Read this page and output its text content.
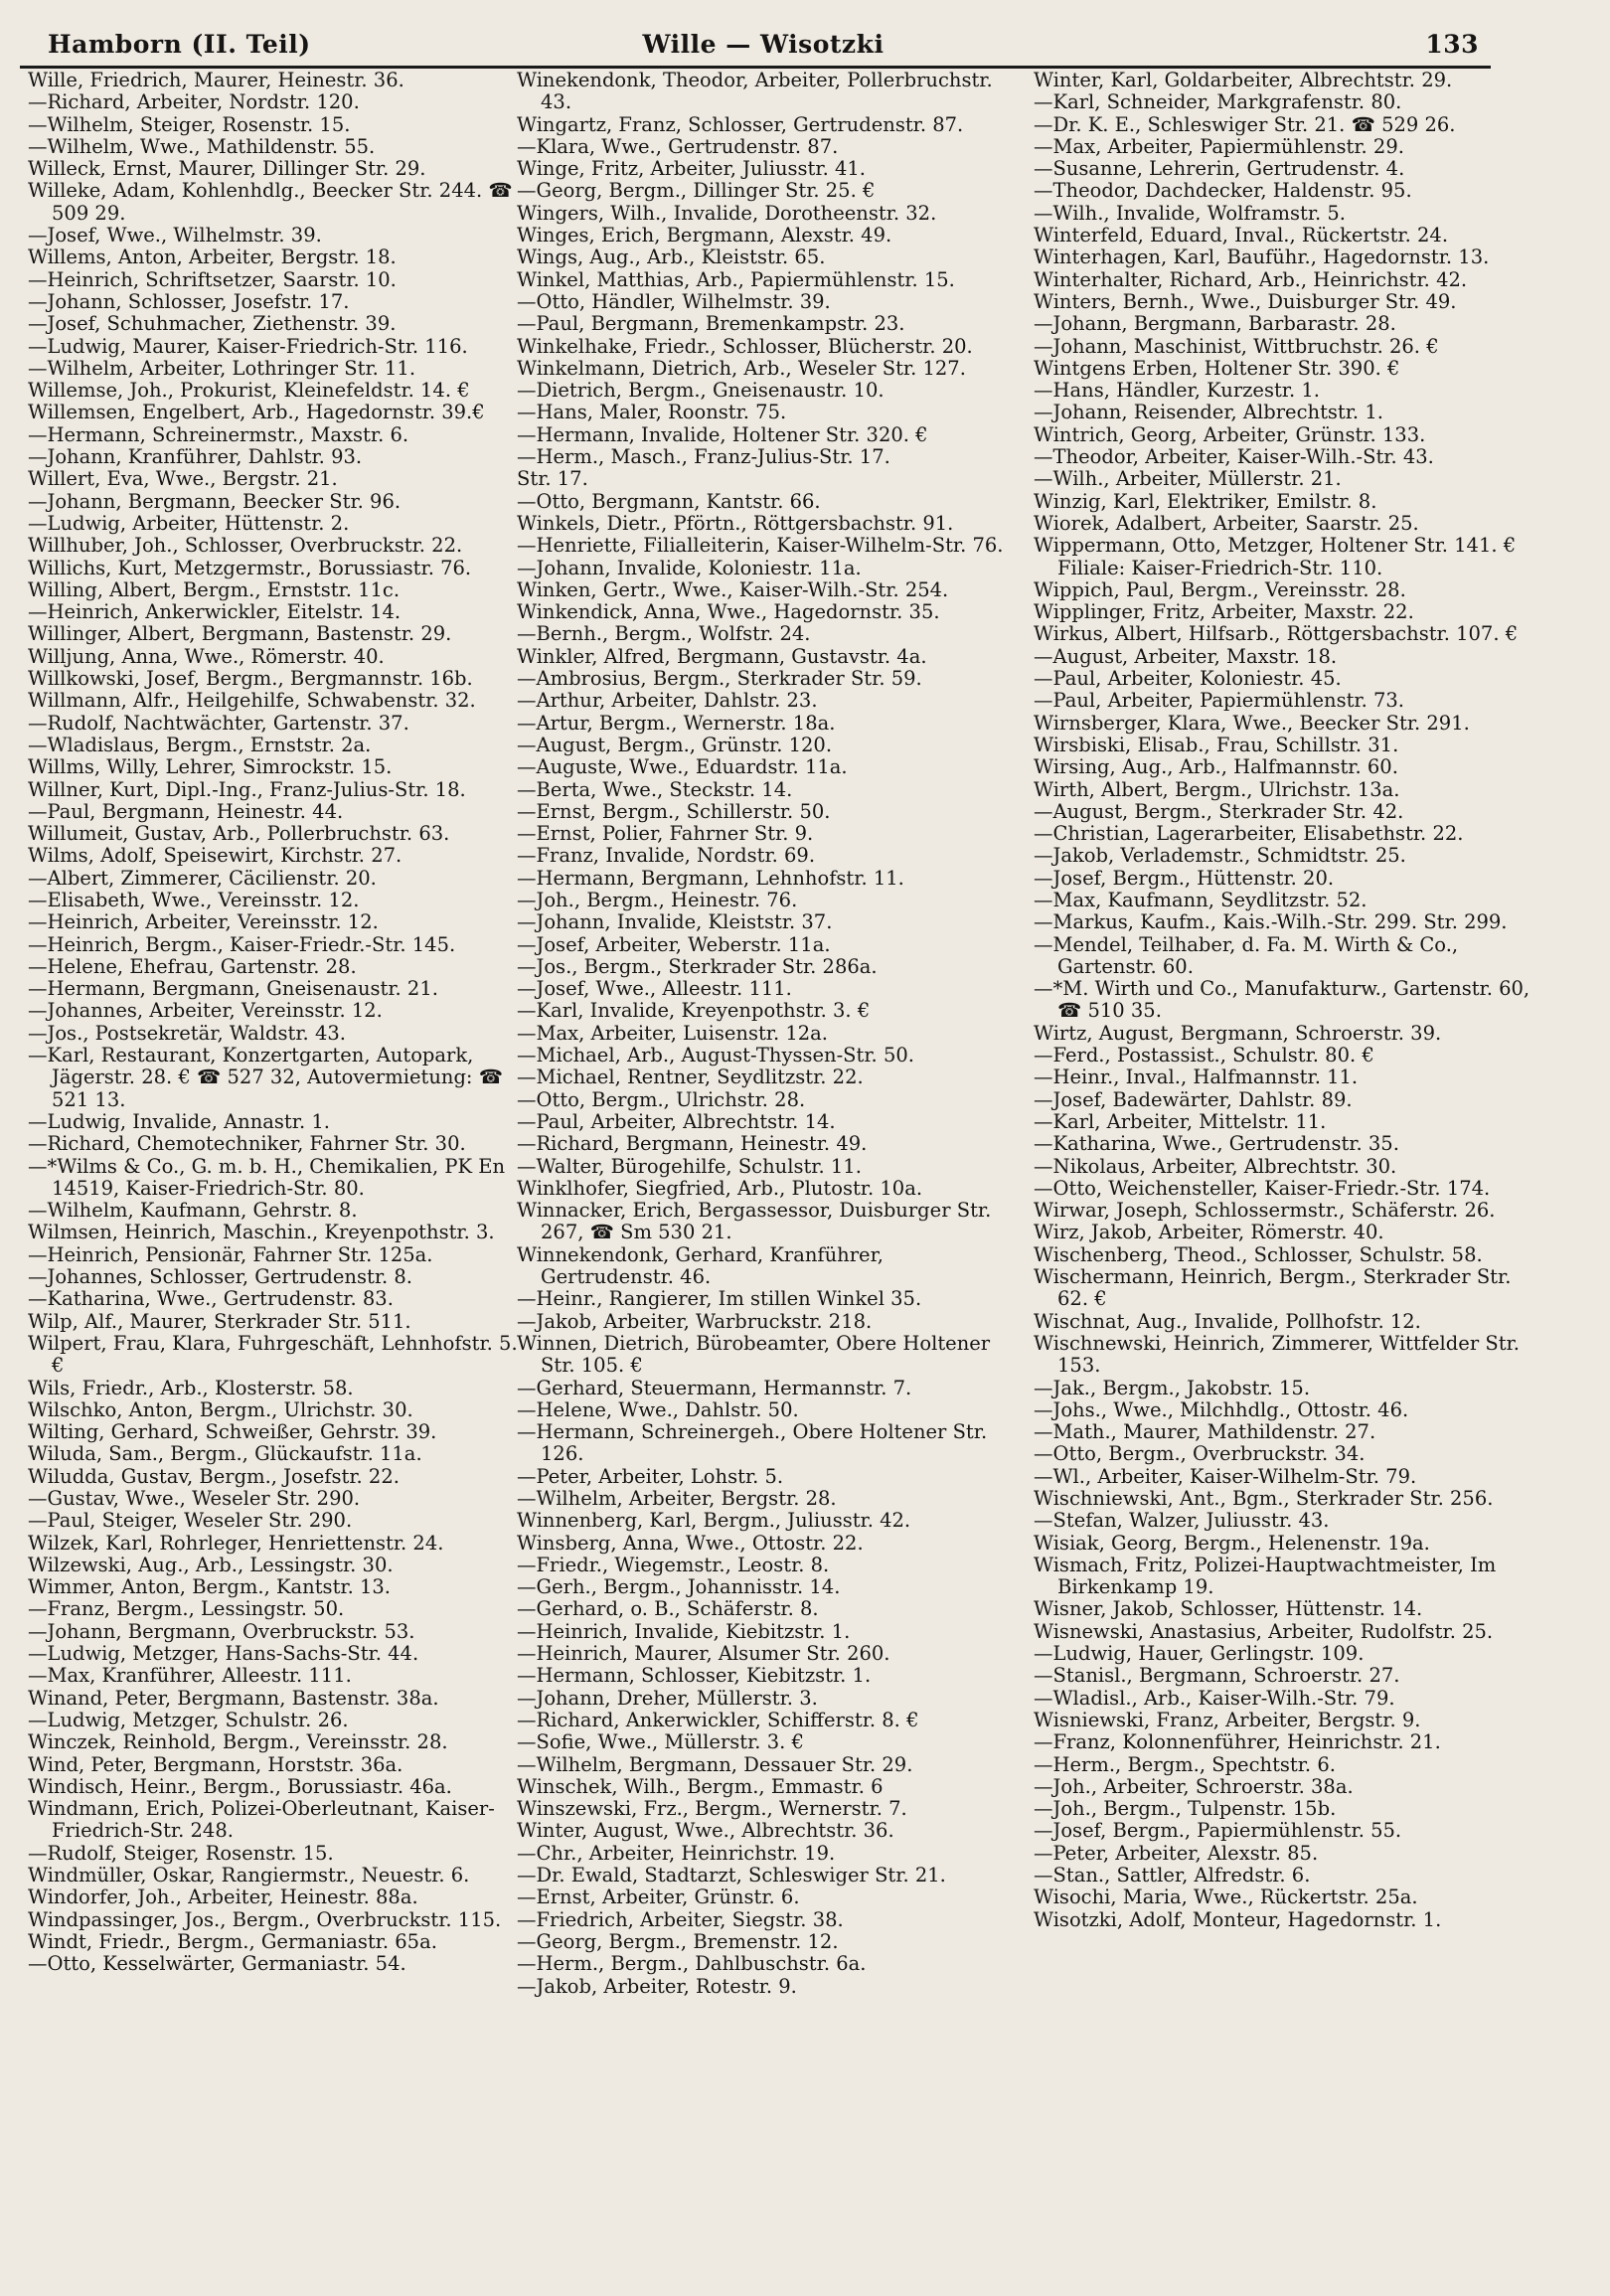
Hamborn (II. Teil)	Wille — Wisotzki	133
Wille, Friedrich, Maurer, Heinestr. 36.
—Richard, Arbeiter, Nordstr. 120.
—Wilhelm, Steiger, Rosenstr. 15.
—Wilhelm, Wwe., Mathildenstr. 55.
Willeck, Ernst, Maurer, Dillinger Str. 29.
Willeke, Adam, Kohlenhdlg., Beecker Str. 244. ☎ 509 29.
—Josef, Wwe., Wilhelmstr. 39.
Willems, Anton, Arbeiter, Bergstr. 18.
—Heinrich, Schriftsetzer, Saarstr. 10.
—Johann, Schlosser, Josefstr. 17.
—Josef, Schuhmacher, Ziethenstr. 39.
—Ludwig, Maurer, Kaiser-Friedrich-Str. 116.
—Wilhelm, Arbeiter, Lothringer Str. 11.
Willemse, Joh., Prokurist, Kleinefeldstr. 14. €
Willemsen, Engelbert, Arb., Hagedornstr. 39.€
—Hermann, Schreinermstr., Maxstr. 6.
—Johann, Kranführer, Dahlstr. 93.
Willert, Eva, Wwe., Bergstr. 21.
—Johann, Bergmann, Beecker Str. 96.
—Ludwig, Arbeiter, Hüttenstr. 2.
Willhuber, Joh., Schlosser, Overbruckstr. 22.
Willichs, Kurt, Metzgermstr., Borussiastr. 76.
Willing, Albert, Bergm., Ernststr. 11c.
—Heinrich, Ankerwickler, Eitelstr. 14.
Willinger, Albert, Bergmann, Bastenstr. 29.
Willjung, Anna, Wwe., Römerstr. 40.
Willkowski, Josef, Bergm., Bergmannstr. 16b.
Willmann, Alfr., Heilgehilfe, Schwabenstr. 32.
—Rudolf, Nachtwächter, Gartenstr. 37.
—Wladislaus, Bergm., Ernststr. 2a.
Willms, Willy, Lehrer, Simrockstr. 15.
Willner, Kurt, Dipl.-Ing., Franz-Julius-Str. 18.
—Paul, Bergmann, Heinestr. 44.
Willumeit, Gustav, Arb., Pollerbruchstr. 63.
Wilms, Adolf, Speisewirt, Kirchstr. 27.
—Albert, Zimmerer, Cäcilienstr. 20.
—Elisabeth, Wwe., Vereinsstr. 12.
—Heinrich, Arbeiter, Vereinsstr. 12.
—Heinrich, Bergm., Kaiser-Friedr.-Str. 145.
—Helene, Ehefrau, Gartenstr. 28.
—Hermann, Bergmann, Gneisenaustr. 21.
—Johannes, Arbeiter, Vereinsstr. 12.
—Jos., Postsekretär, Waldstr. 43.
—Karl, Restaurant, Konzertgarten, Autopark, Jägerstr. 28. € ☎ 527 32, Autovermietung: ☎ 521 13.
—Ludwig, Invalide, Annastr. 1.
—Richard, Chemotechniker, Fahrner Str. 30.
—*Wilms & Co., G. m. b. H., Chemikalien, PK En 14519, Kaiser-Friedrich-Str. 80.
—Wilhelm, Kaufmann, Gehrstr. 8.
Wilmsen, Heinrich, Maschin., Kreyenpothstr. 3.
—Heinrich, Pensionär, Fahrner Str. 125a.
—Johannes, Schlosser, Gertrudenstr. 8.
—Katharina, Wwe., Gertrudenstr. 83.
Wilp, Alf., Maurer, Sterkrader Str. 511.
Wilpert, Frau, Klara, Fuhrgeschäft, Lehnhofstr. 5. €
Wils, Friedr., Arb., Klosterstr. 58.
Wilschko, Anton, Bergm., Ulrichstr. 30.
Wilting, Gerhard, Schweißer, Gehrstr. 39.
Wiluda, Sam., Bergm., Glückaufstr. 11a.
Wiludda, Gustav, Bergm., Josefstr. 22.
—Gustav, Wwe., Weseler Str. 290.
—Paul, Steiger, Weseler Str. 290.
Wilzek, Karl, Rohrleger, Henriettenstr. 24.
Wilzewski, Aug., Arb., Lessingstr. 30.
Wimmer, Anton, Bergm., Kantstr. 13.
—Franz, Bergm., Lessingstr. 50.
—Johann, Bergmann, Overbruckstr. 53.
—Ludwig, Metzger, Hans-Sachs-Str. 44.
—Max, Kranführer, Alleestr. 111.
Winand, Peter, Bergmann, Bastenstr. 38a.
—Ludwig, Metzger, Schulstr. 26.
Winczek, Reinhold, Bergm., Vereinsstr. 28.
Wind, Peter, Bergmann, Horststr. 36a.
Windisch, Heinr., Bergm., Borussiastr. 46a.
Windmann, Erich, Polizei-Oberleutnant, Kaiser-Friedrich-Str. 248.
—Rudolf, Steiger, Rosenstr. 15.
Windmüller, Oskar, Rangiermstr., Neuestr. 6.
Windorfer, Joh., Arbeiter, Heinestr. 88a.
Windpassinger, Jos., Bergm., Overbruckstr. 115.
Windt, Friedr., Bergm., Germaniastr. 65a.
—Otto, Kesselwärter, Germaniastr. 54.
Winekendonk, Theodor, Arbeiter, Pollerbruchstr. 43.
Wingartz, Franz, Schlosser, Gertrudenstr. 87.
—Klara, Wwe., Gertrudenstr. 87.
Winge, Fritz, Arbeiter, Juliusstr. 41.
—Georg, Bergm., Dillinger Str. 25. €
Wingers, Wilh., Invalide, Dorotheenstr. 32.
Winges, Erich, Bergmann, Alexstr. 49.
Wings, Aug., Arb., Kleiststr. 65.
Winkel, Matthias, Arb., Papiermühlenstr. 15.
—Otto, Händler, Wilhelmstr. 39.
—Paul, Bergmann, Bremenkampstr. 23.
Winkelhake, Friedr., Schlosser, Blücherstr. 20.
Winkelmann, Dietrich, Arb., Weseler Str. 127.
—Dietrich, Bergm., Gneisenaustr. 10.
—Hans, Maler, Roonstr. 75.
—Hermann, Invalide, Holtener Str. 320. €
—Herm., Masch., Franz-Julius-Str. 17.
Str. 17.
—Otto, Bergmann, Kantstr. 66.
Winkels, Dietr., Pförtn., Röttgersbachstr. 91.
—Henriette, Filialleiterin, Kaiser-Wilhelm-Str. 76.
—Johann, Invalide, Koloniestr. 11a.
Winken, Gertr., Wwe., Kaiser-Wilh.-Str. 254.
Winkendick, Anna, Wwe., Hagedornstr. 35.
—Bernh., Bergm., Wolfstr. 24.
Winkler, Alfred, Bergmann, Gustavstr. 4a.
—Ambrosius, Bergm., Sterkrader Str. 59.
—Arthur, Arbeiter, Dahlstr. 23.
—Artur, Bergm., Wernerstr. 18a.
—August, Bergm., Grünstr. 120.
—Auguste, Wwe., Eduardstr. 11a.
—Berta, Wwe., Steckstr. 14.
—Ernst, Bergm., Schillerstr. 50.
—Ernst, Polier, Fahrner Str. 9.
—Franz, Invalide, Nordstr. 69.
—Hermann, Bergmann, Lehnhofstr. 11.
—Joh., Bergm., Heinestr. 76.
—Johann, Invalide, Kleiststr. 37.
—Josef, Arbeiter, Weberstr. 11a.
—Jos., Bergm., Sterkrader Str. 286a.
—Josef, Wwe., Alleestr. 111.
—Karl, Invalide, Kreyenpothstr. 3. €
—Max, Arbeiter, Luisenstr. 12a.
—Michael, Arb., August-Thyssen-Str. 50.
—Michael, Rentner, Seydlitzstr. 22.
—Otto, Bergm., Ulrichstr. 28.
—Paul, Arbeiter, Albrechtstr. 14.
—Richard, Bergmann, Heinestr. 49.
—Walter, Bürogehilfe, Schulstr. 11.
Winklhofer, Siegfried, Arb., Plutostr. 10a.
Winnacker, Erich, Bergassessor, Duisburger Str. 267, ☎ Sm 530 21.
Winnekendonk, Gerhard, Kranführer, Gertrudenstr. 46.
—Heinr., Rangierer, Im stillen Winkel 35.
—Jakob, Arbeiter, Warbruckstr. 218.
Winnen, Dietrich, Bürobeamter, Obere Holtener Str. 105. €
—Gerhard, Steuermann, Hermannstr. 7.
—Helene, Wwe., Dahlstr. 50.
—Hermann, Schreinergeh., Obere Holtener Str. 126.
—Peter, Arbeiter, Lohstr. 5.
—Wilhelm, Arbeiter, Bergstr. 28.
Winnenberg, Karl, Bergm., Juliusstr. 42.
Winsberg, Anna, Wwe., Ottostr. 22.
—Friedr., Wiegemstr., Leostr. 8.
—Gerh., Bergm., Johannisstr. 14.
—Gerhard, o. B., Schäferstr. 8.
—Heinrich, Invalide, Kiebitzstr. 1.
—Heinrich, Maurer, Alsumer Str. 260.
—Hermann, Schlosser, Kiebitzstr. 1.
—Johann, Dreher, Müllerstr. 3.
—Richard, Ankerwickler, Schifferstr. 8. €
—Sofie, Wwe., Müllerstr. 3. €
—Wilhelm, Bergmann, Dessauer Str. 29.
Winschek, Wilh., Bergm., Emmastr. 6
Winszewski, Frz., Bergm., Wernerstr. 7.
Winter, August, Wwe., Albrechtstr. 36.
—Chr., Arbeiter, Heinrichstr. 19.
—Dr. Ewald, Stadtarzt, Schleswiger Str. 21.
—Ernst, Arbeiter, Grünstr. 6.
—Friedrich, Arbeiter, Siegstr. 38.
—Georg, Bergm., Bremenstr. 12.
—Herm., Bergm., Dahlbuschstr. 6a.
—Jakob, Arbeiter, Rotestr. 9.
Winter, Karl, Goldarbeiter, Albrechtstr. 29.
—Karl, Schneider, Markgrafenstr. 80.
—Dr. K. E., Schleswiger Str. 21. ☎ 529 26.
—Max, Arbeiter, Papiermühlenstr. 29.
—Susanne, Lehrerin, Gertrudenstr. 4.
—Theodor, Dachdecker, Haldenstr. 95.
—Wilh., Invalide, Wolframstr. 5.
Winterfeld, Eduard, Inval., Rückertstr. 24.
Winterhagen, Karl, Bauführ., Hagedornstr. 13.
Winterhalter, Richard, Arb., Heinrichstr. 42.
Winters, Bernh., Wwe., Duisburger Str. 49.
—Johann, Bergmann, Barbarastr. 28.
—Johann, Maschinist, Wittbruchstr. 26. €
Wintgens Erben, Holtener Str. 390. €
—Hans, Händler, Kurzestr. 1.
—Johann, Reisender, Albrechtstr. 1.
Wintrich, Georg, Arbeiter, Grünstr. 133.
—Theodor, Arbeiter, Kaiser-Wilh.-Str. 43.
—Wilh., Arbeiter, Müllerstr. 21.
Winzig, Karl, Elektriker, Emilstr. 8.
Wiorek, Adalbert, Arbeiter, Saarstr. 25.
Wippermann, Otto, Metzger, Holtener Str. 141. € Filiale: Kaiser-Friedrich-Str. 110.
Wippich, Paul, Bergm., Vereinsstr. 28.
Wipplinger, Fritz, Arbeiter, Maxstr. 22.
Wirkus, Albert, Hilfsarb., Röttgersbachstr. 107. €
—August, Arbeiter, Maxstr. 18.
—Paul, Arbeiter, Koloniestr. 45.
—Paul, Arbeiter, Papiermühlenstr. 73.
Wirnsberger, Klara, Wwe., Beecker Str. 291.
Wirsbiski, Elisab., Frau, Schillstr. 31.
Wirsing, Aug., Arb., Halfmannstr. 60.
Wirth, Albert, Bergm., Ulrichstr. 13a.
—August, Bergm., Sterkrader Str. 42.
—Christian, Lagerarbeiter, Elisabethstr. 22.
—Jakob, Verlademstr., Schmidtstr. 25.
—Josef, Bergm., Hüttenstr. 20.
—Max, Kaufmann, Seydlitzstr. 52.
—Markus, Kaufm., Kais.-Wilh.-Str. 299. Str. 299.
—Mendel, Teilhaber, d. Fa. M. Wirth & Co., Gartenstr. 60.
—*M. Wirth und Co., Manufakturw., Gartenstr. 60, ☎ 510 35.
Wirtz, August, Bergmann, Schroerstr. 39.
—Ferd., Postassist., Schulstr. 80. €
—Heinr., Inval., Halfmannstr. 11.
—Josef, Badewärter, Dahlstr. 89.
—Karl, Arbeiter, Mittelstr. 11.
—Katharina, Wwe., Gertrudenstr. 35.
—Nikolaus, Arbeiter, Albrechtstr. 30.
—Otto, Weichensteller, Kaiser-Friedr.-Str. 174.
Wirwar, Joseph, Schlossermstr., Schäferstr. 26.
Wirz, Jakob, Arbeiter, Römerstr. 40.
Wischenberg, Theod., Schlosser, Schulstr. 58.
Wischermann, Heinrich, Bergm., Sterkrader Str. 62. €
Wischnat, Aug., Invalide, Pollhofstr. 12.
Wischnewski, Heinrich, Zimmerer, Wittfelder Str. 153.
—Jak., Bergm., Jakobstr. 15.
—Johs., Wwe., Milchhdlg., Ottostr. 46.
—Math., Maurer, Mathildenstr. 27.
—Otto, Bergm., Overbruckstr. 34.
—Wl., Arbeiter, Kaiser-Wilhelm-Str. 79.
Wischniewski, Ant., Bgm., Sterkrader Str. 256.
—Stefan, Walzer, Juliusstr. 43.
Wisiak, Georg, Bergm., Helenenstr. 19a.
Wismach, Fritz, Polizei-Hauptwachtmeister, Im Birkenkamp 19.
Wisner, Jakob, Schlosser, Hüttenstr. 14.
Wisnewski, Anastasius, Arbeiter, Rudolfstr. 25.
—Ludwig, Hauer, Gerlingstr. 109.
—Stanisl., Bergmann, Schroerstr. 27.
—Wladisl., Arb., Kaiser-Wilh.-Str. 79.
Wisniewski, Franz, Arbeiter, Bergstr. 9.
—Franz, Kolonnenführer, Heinrichstr. 21.
—Herm., Bergm., Spechtstr. 6.
—Joh., Arbeiter, Schroerstr. 38a.
—Joh., Bergm., Tulpenstr. 15b.
—Josef, Bergm., Papiermühlenstr. 55.
—Peter, Arbeiter, Alexstr. 85.
—Stan., Sattler, Alfredstr. 6.
Wisochi, Maria, Wwe., Rückertstr. 25a.
Wisotzki, Adolf, Monteur, Hagedornstr. 1.
